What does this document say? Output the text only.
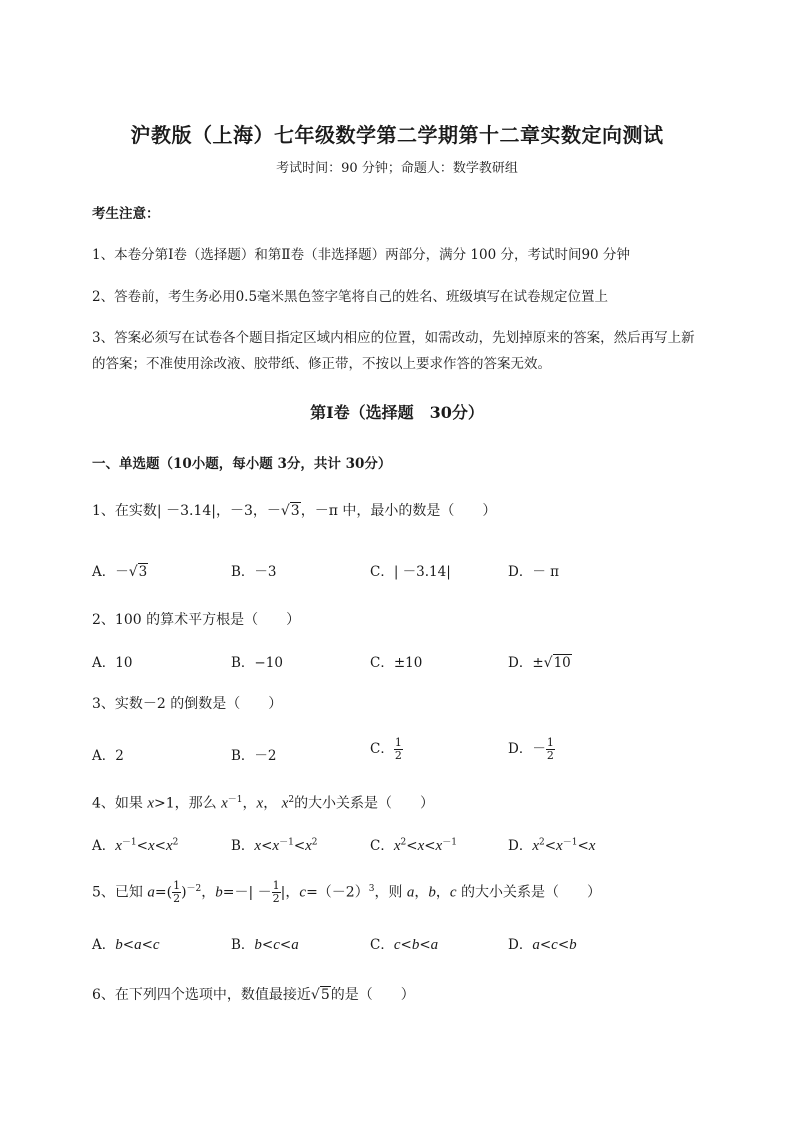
沪教版（上海）七年级数学第二学期第十二章实数定向测试
考试时间：90 分钟；命题人：数学教研组
考生注意：
1、本卷分第Ⅰ卷（选择题）和第Ⅱ卷（非选择题）两部分，满分 100 分，考试时间90 分钟
2、答卷前，考生务必用0.5毫米黑色签字笔将自己的姓名、班级填写在试卷规定位置上
3、答案必须写在试卷各个题目指定区域内相应的位置，如需改动，先划掉原来的答案，然后再写上新
的答案；不准使用涂改液、胶带纸、修正带，不按以上要求作答的答案无效。
第Ⅰ卷（选择题　30分）
一、单选题（10小题，每小题 3分，共计 30分）
1、在实数| －3.14|，－3，－√3，－π 中，最小的数是（　　）
A．－√3	B．－3	C．| －3.14|	D．－ π
2、100 的算术平方根是（　　）
A．10	B．−10	C．±10	D．±√10
3、实数－2 的倒数是（　　）
A．2	B．－2	C． $\frac{1}{2}$	D．－ $\frac{1}{2}$
4、如果 x>1，那么 $x^{-1}$，x， $x^2$的大小关系是（　　）
A．$x^{-1}<x<x^2$	B．$x<x^{-1}<x^2$	C．$x^2<x<x^{-1}$	D．$x^2<x^{-1}<x$
5、已知 $a=( \frac{1}{2} )^{-2}$，$b=-| - \frac{1}{2}$ |，$c=(-2)^3$，则 a，b，c 的大小关系是（　　）
A．b<a<c	B．b<c<a	C．c<b<a	D．a<c<b
6、在下列四个选项中，数值最接近√5的是（　　）
